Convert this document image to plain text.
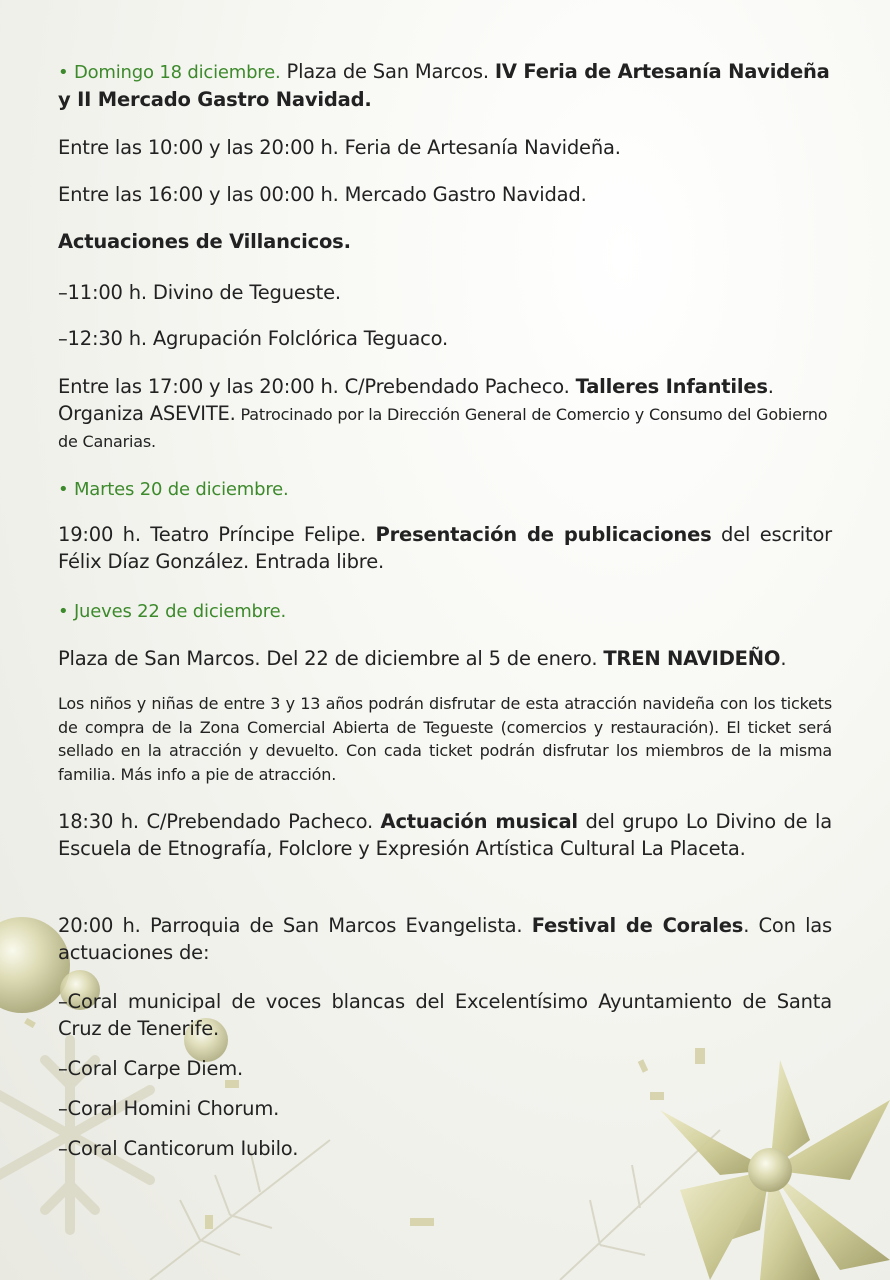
• Domingo 18 diciembre. Plaza de San Marcos. IV Feria de Artesanía Navideña y II Mercado Gastro Navidad.

Entre las 10:00 y las 20:00 h. Feria de Artesanía Navideña.

Entre las 16:00 y las 00:00 h. Mercado Gastro Navidad.

Actuaciones de Villancicos.

–11:00 h. Divino de Tegueste.

–12:30 h. Agrupación Folclórica Teguaco.

Entre las 17:00 y las 20:00 h. C/Prebendado Pacheco. Talleres Infantiles.
Organiza ASEVITE. Patrocinado por la Dirección General de Comercio y Consumo del Gobierno de Canarias.

• Martes 20 de diciembre.

19:00 h. Teatro Príncipe Felipe. Presentación de publicaciones del escritor Félix Díaz González. Entrada libre.

• Jueves 22 de diciembre.

Plaza de San Marcos. Del 22 de diciembre al 5 de enero. TREN NAVIDEÑO.

Los niños y niñas de entre 3 y 13 años podrán disfrutar de esta atracción navideña con los tickets de compra de la Zona Comercial Abierta de Tegueste (comercios y restauración). El ticket será sellado en la atracción y devuelto. Con cada ticket podrán disfrutar los miembros de la misma familia. Más info a pie de atracción.

18:30 h. C/Prebendado Pacheco. Actuación musical del grupo Lo Divino de la Escuela de Etnografía, Folclore y Expresión Artística Cultural La Placeta.

20:00 h. Parroquia de San Marcos Evangelista. Festival de Corales. Con las actuaciones de:

–Coral municipal de voces blancas del Excelentísimo Ayuntamiento de Santa Cruz de Tenerife.

–Coral Carpe Diem.

–Coral Homini Chorum.

–Coral Canticorum Iubilo.
